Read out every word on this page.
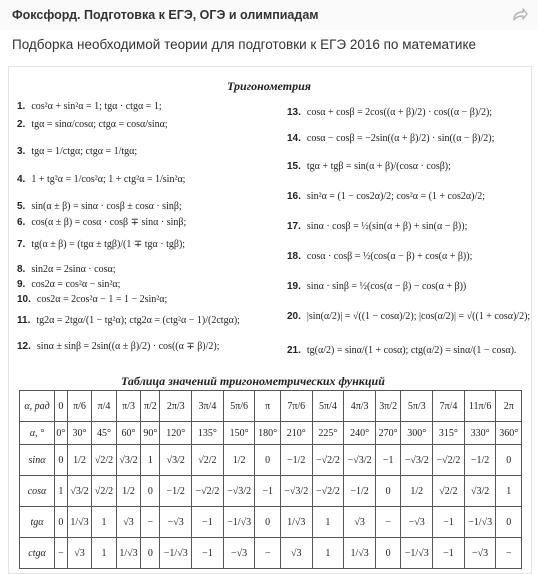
Фоксфорд. Подготовка к ЕГЭ, ОГЭ и олимпиадам
Подборка необходимой теории для подготовки к ЕГЭ 2016 по математике
Тригонометрия
1. cos²α + sin²α = 1; tgα · ctgα = 1;
2. tgα = sinα/cosα; ctgα = cosα/sinα;
3. tgα = 1/ctgα; ctgα = 1/tgα;
4. 1 + tg²α = 1/cos²α; 1 + ctg²α = 1/sin²α;
5. sin(α ± β) = sinα · cosβ ± cosα · sinβ;
6. cos(α ± β) = cosα · cosβ ∓ sinα · sinβ;
7. tg(α ± β) = (tgα ± tgβ)/(1 ∓ tgα · tgβ);
8. sin2α = 2sinα · cosα;
9. cos2α = cos²α − sin²α;
10. cos2α = 2cos²α − 1 = 1 − 2sin²α;
11. tg2α = 2tgα/(1 − tg²α); ctg2α = (ctg²α − 1)/(2ctgα);
12. sinα ± sinβ = 2sin((α ± β)/2) · cos((α ∓ β)/2);
13. cosα + cosβ = 2cos((α + β)/2) · cos((α − β)/2);
14. cosα − cosβ = −2sin((α + β)/2) · sin((α − β)/2);
15. tgα + tgβ = sin(α + β)/(cosα · cosβ);
16. sin²α = (1 − cos2α)/2; cos²α = (1 + cos2α)/2;
17. sinα · cosβ = ½(sin(α + β) + sin(α − β));
18. cosα · cosβ = ½(cos(α − β) + cos(α + β));
19. sinα · sinβ = ½(cos(α − β) − cos(α + β))
20. |sin(α/2)| = √((1 − cosα)/2); |cos(α/2)| = √((1 + cosα)/2);
21. tg(α/2) = sinα/(1 + cosα); ctg(α/2) = sinα/(1 − cosα).
Таблица значений тригонометрических функций
α, рад	0	π/6	π/4	π/3	π/2	2π/3	3π/4	5π/6	π	7π/6	5π/4	4π/3	3π/2	5π/3	7π/4	11π/6	2π
α, °	0°	30°	45°	60°	90°	120°	135°	150°	180°	210°	225°	240°	270°	300°	315°	330°	360°
sinα	0	1/2	√2/2	√3/2	1	√3/2	√2/2	1/2	0	−1/2	−√2/2	−√3/2	−1	−√3/2	−√2/2	−1/2	0
cosα	1	√3/2	√2/2	1/2	0	−1/2	−√2/2	−√3/2	−1	−√3/2	−√2/2	−1/2	0	1/2	√2/2	√3/2	1
tgα	0	1/√3	1	√3	−	−√3	−1	−1/√3	0	1/√3	1	√3	−	−√3	−1	−1/√3	0
ctgα	−	√3	1	1/√3	0	−1/√3	−1	−√3	−	√3	1	1/√3	0	−1/√3	−1	−√3	−
